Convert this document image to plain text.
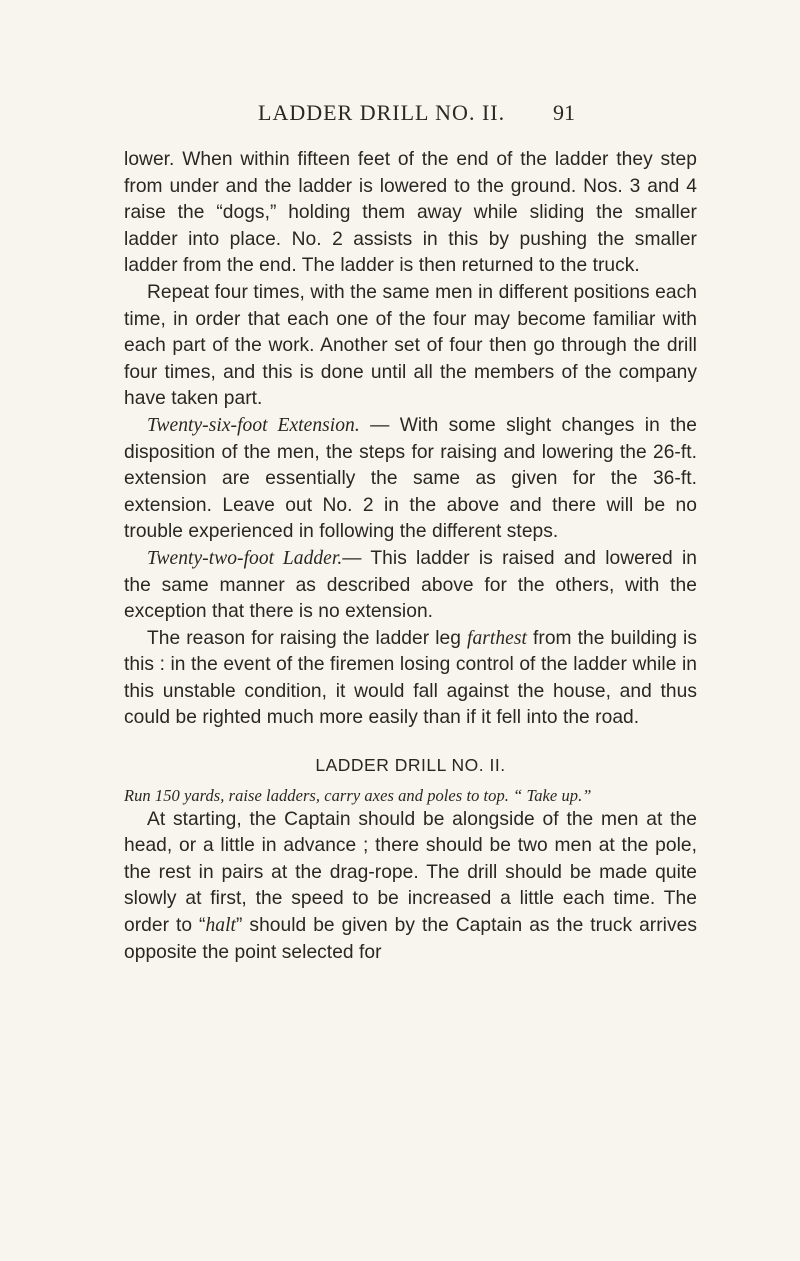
LADDER DRILL NO. II. 91

lower. When within fifteen feet of the end of the ladder they step from under and the ladder is lowered to the ground. Nos. 3 and 4 raise the “dogs,” holding them away while sliding the smaller ladder into place. No. 2 assists in this by pushing the smaller ladder from the end. The ladder is then returned to the truck.

Repeat four times, with the same men in different positions each time, in order that each one of the four may become familiar with each part of the work. Another set of four then go through the drill four times, and this is done until all the members of the company have taken part.

Twenty-six-foot Extension. — With some slight changes in the disposition of the men, the steps for raising and lowering the 26-ft. extension are essentially the same as given for the 36-ft. extension. Leave out No. 2 in the above and there will be no trouble experienced in following the different steps.

Twenty-two-foot Ladder.— This ladder is raised and lowered in the same manner as described above for the others, with the exception that there is no extension.

The reason for raising the ladder leg farthest from the building is this : in the event of the firemen losing control of the ladder while in this unstable condition, it would fall against the house, and thus could be righted much more easily than if it fell into the road.

LADDER DRILL NO. II.

Run 150 yards, raise ladders, carry axes and poles to top. “ Take up.”

At starting, the Captain should be alongside of the men at the head, or a little in advance ; there should be two men at the pole, the rest in pairs at the drag-rope. The drill should be made quite slowly at first, the speed to be increased a little each time. The order to “halt” should be given by the Captain as the truck arrives opposite the point selected for
